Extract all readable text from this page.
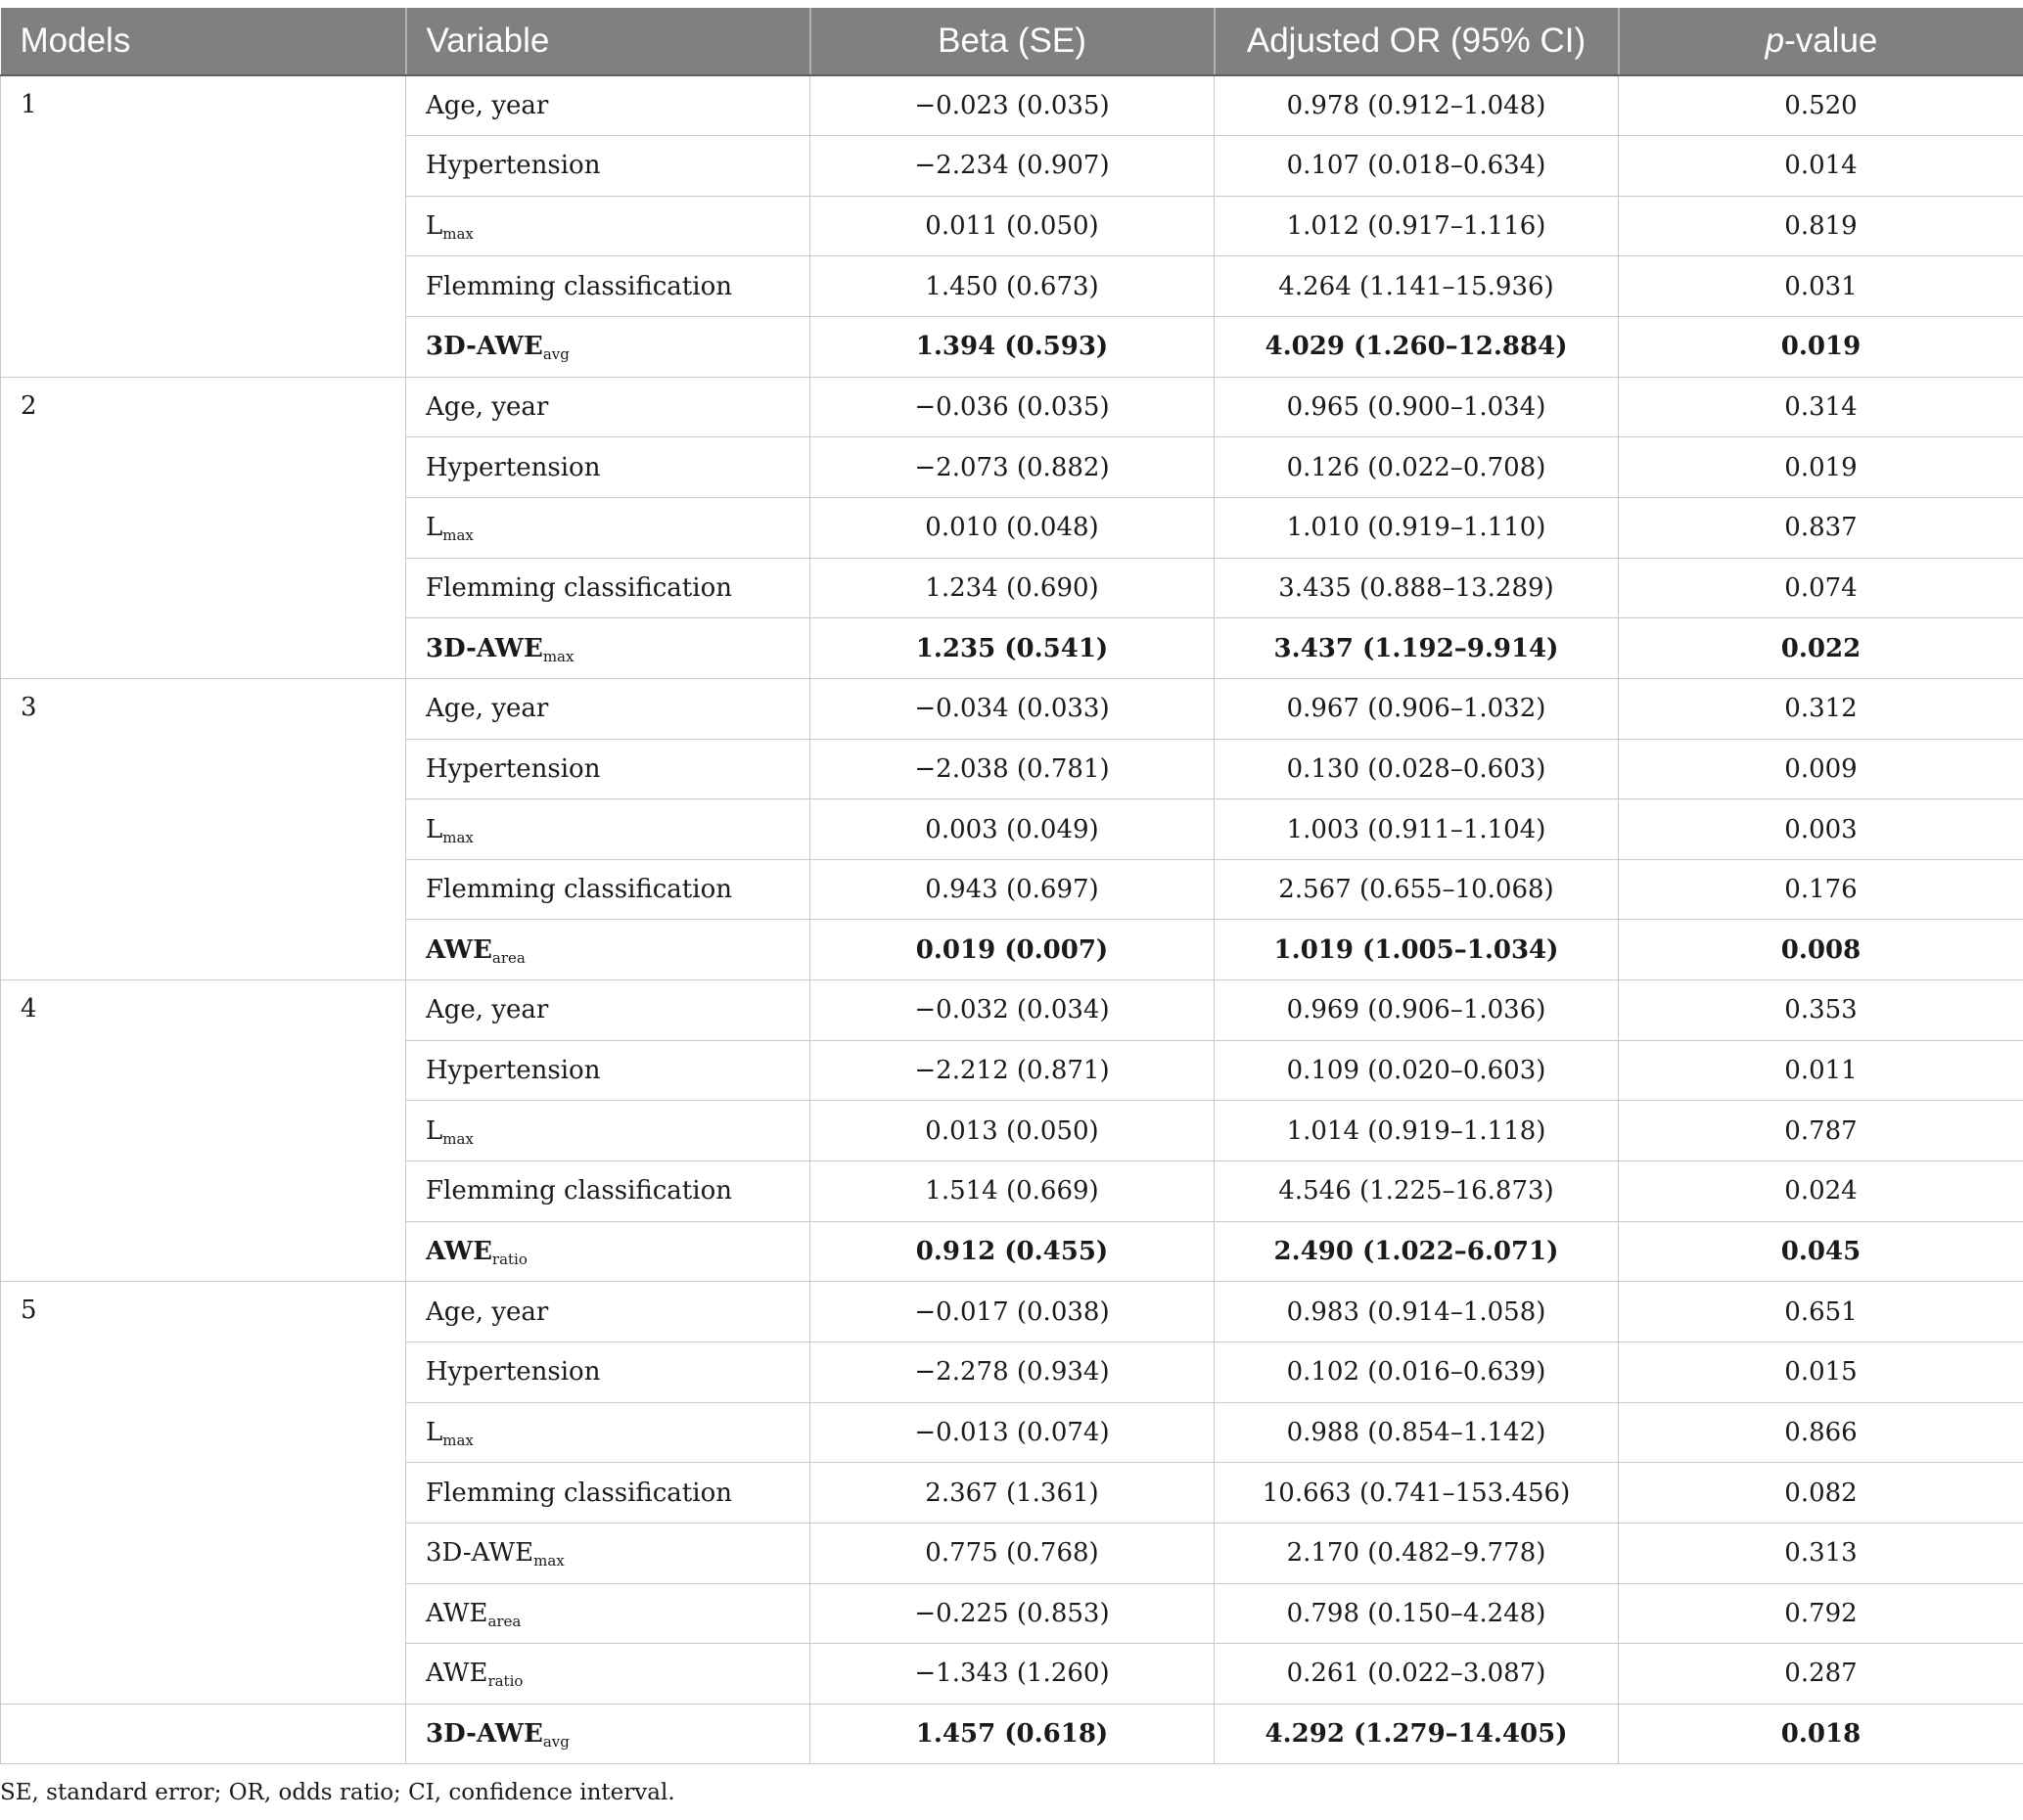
Models	Variable	Beta (SE)	Adjusted OR (95% CI)	p-value
1	Age, year	−0.023 (0.035)	0.978 (0.912–1.048)	0.520
	Hypertension	−2.234 (0.907)	0.107 (0.018–0.634)	0.014
	$L_{max}$	0.011 (0.050)	1.012 (0.917–1.116)	0.819
	Flemming classification	1.450 (0.673)	4.264 (1.141–15.936)	0.031
	$3D-AWE_{avg}$	1.394 (0.593)	4.029 (1.260–12.884)	0.019
2	Age, year	−0.036 (0.035)	0.965 (0.900–1.034)	0.314
	Hypertension	−2.073 (0.882)	0.126 (0.022–0.708)	0.019
	$L_{max}$	0.010 (0.048)	1.010 (0.919–1.110)	0.837
	Flemming classification	1.234 (0.690)	3.435 (0.888–13.289)	0.074
	$3D-AWE_{max}$	1.235 (0.541)	3.437 (1.192–9.914)	0.022
3	Age, year	−0.034 (0.033)	0.967 (0.906–1.032)	0.312
	Hypertension	−2.038 (0.781)	0.130 (0.028–0.603)	0.009
	$L_{max}$	0.003 (0.049)	1.003 (0.911–1.104)	0.003
	Flemming classification	0.943 (0.697)	2.567 (0.655–10.068)	0.176
	$AWE_{area}$	0.019 (0.007)	1.019 (1.005–1.034)	0.008
4	Age, year	−0.032 (0.034)	0.969 (0.906–1.036)	0.353
	Hypertension	−2.212 (0.871)	0.109 (0.020–0.603)	0.011
	$L_{max}$	0.013 (0.050)	1.014 (0.919–1.118)	0.787
	Flemming classification	1.514 (0.669)	4.546 (1.225–16.873)	0.024
	$AWE_{ratio}$	0.912 (0.455)	2.490 (1.022–6.071)	0.045
5	Age, year	−0.017 (0.038)	0.983 (0.914–1.058)	0.651
	Hypertension	−2.278 (0.934)	0.102 (0.016–0.639)	0.015
	$L_{max}$	−0.013 (0.074)	0.988 (0.854–1.142)	0.866
	Flemming classification	2.367 (1.361)	10.663 (0.741–153.456)	0.082
	$3D-AWE_{max}$	0.775 (0.768)	2.170 (0.482–9.778)	0.313
	$AWE_{area}$	−0.225 (0.853)	0.798 (0.150–4.248)	0.792
	$AWE_{ratio}$	−1.343 (1.260)	0.261 (0.022–3.087)	0.287
	$3D-AWE_{avg}$	1.457 (0.618)	4.292 (1.279–14.405)	0.018
SE, standard error; OR, odds ratio; CI, confidence interval.
